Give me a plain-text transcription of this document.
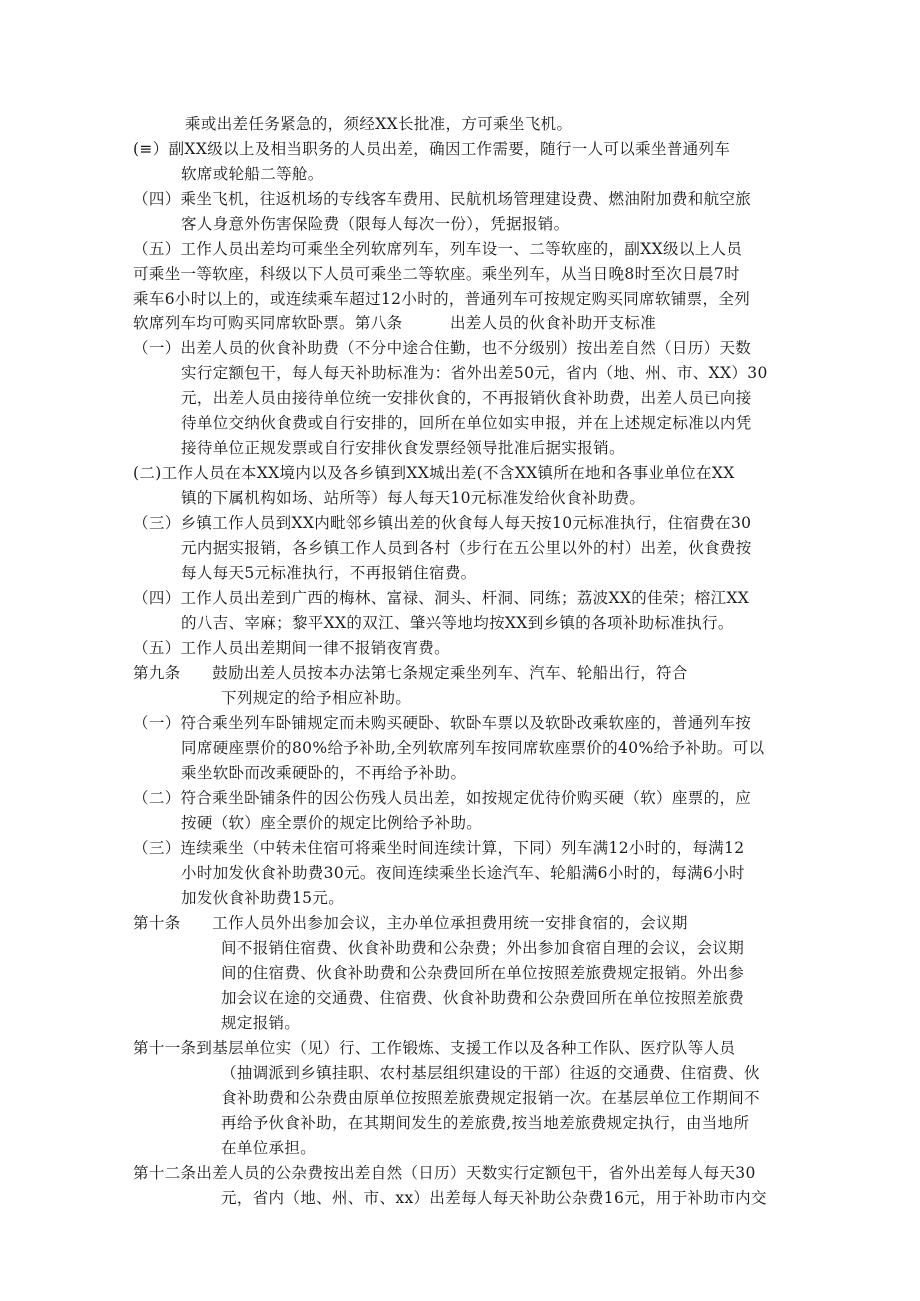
乘或出差任务紧急的，须经XX长批准，方可乘坐飞机。
(≡）副XX级以上及相当职务的人员出差，确因工作需要，随行一人可以乘坐普通列车
软席或轮船二等舱。
（四）乘坐飞机，往返机场的专线客车费用、民航机场管理建设费、燃油附加费和航空旅
客人身意外伤害保险费（限每人每次一份），凭据报销。
（五）工作人员出差均可乘坐全列软席列车，列车设一、二等软座的，副XX级以上人员
可乘坐一等软座，科级以下人员可乘坐二等软座。乘坐列车，从当日晚8时至次日晨7时
乘车6小时以上的，或连续乘车超过12小时的，普通列车可按规定购买同席软铺票，全列
软席列车均可购买同席软卧票。第八条　　　出差人员的伙食补助开支标准
（一）出差人员的伙食补助费（不分中途合住勤，也不分级别）按出差自然（日历）天数
实行定额包干，每人每天补助标准为：省外出差50元，省内（地、州、市、XX）30
元，出差人员由接待单位统一安排伙食的，不再报销伙食补助费，出差人员已向接
待单位交纳伙食费或自行安排的，回所在单位如实申报，并在上述规定标准以内凭
接待单位正规发票或自行安排伙食发票经领导批准后据实报销。
(二)工作人员在本XX境内以及各乡镇到XX城出差(不含XX镇所在地和各事业单位在XX
镇的下属机构如场、站所等）每人每天10元标准发给伙食补助费。
（三）乡镇工作人员到XX内毗邻乡镇出差的伙食每人每天按10元标准执行，住宿费在30
元内据实报销，各乡镇工作人员到各村（步行在五公里以外的村）出差，伙食费按
每人每天5元标准执行，不再报销住宿费。
（四）工作人员出差到广西的梅林、富禄、洞头、杆洞、同练；荔波XX的佳荣；榕江XX
的八吉、宰麻；黎平XX的双江、肇兴等地均按XX到乡镇的各项补助标准执行。
（五）工作人员出差期间一律不报销夜宵费。
第九条　　鼓励出差人员按本办法第七条规定乘坐列车、汽车、轮船出行，符合
下列规定的给予相应补助。
（一）符合乘坐列车卧铺规定而未购买硬卧、软卧车票以及软卧改乘软座的，普通列车按
同席硬座票价的80%给予补助,全列软席列车按同席软座票价的40%给予补助。可以
乘坐软卧而改乘硬卧的，不再给予补助。
（二）符合乘坐卧铺条件的因公伤残人员出差，如按规定优待价购买硬（软）座票的，应
按硬（软）座全票价的规定比例给予补助。
（三）连续乘坐（中转未住宿可将乘坐时间连续计算，下同）列车满12小时的，每满12
小时加发伙食补助费30元。夜间连续乘坐长途汽车、轮船满6小时的，每满6小时
加发伙食补助费15元。
第十条　　工作人员外出参加会议，主办单位承担费用统一安排食宿的，会议期
间不报销住宿费、伙食补助费和公杂费；外出参加食宿自理的会议，会议期
间的住宿费、伙食补助费和公杂费回所在单位按照差旅费规定报销。外出参
加会议在途的交通费、住宿费、伙食补助费和公杂费回所在单位按照差旅费
规定报销。
第十一条到基层单位实（见）行、工作锻炼、支援工作以及各种工作队、医疗队等人员
（抽调派到乡镇挂职、农村基层组织建设的干部）往返的交通费、住宿费、伙
食补助费和公杂费由原单位按照差旅费规定报销一次。在基层单位工作期间不
再给予伙食补助，在其期间发生的差旅费,按当地差旅费规定执行，由当地所
在单位承担。
第十二条出差人员的公杂费按出差自然（日历）天数实行定额包干，省外出差每人每天30
元，省内（地、州、市、xx）出差每人每天补助公杂费16元，用于补助市内交
